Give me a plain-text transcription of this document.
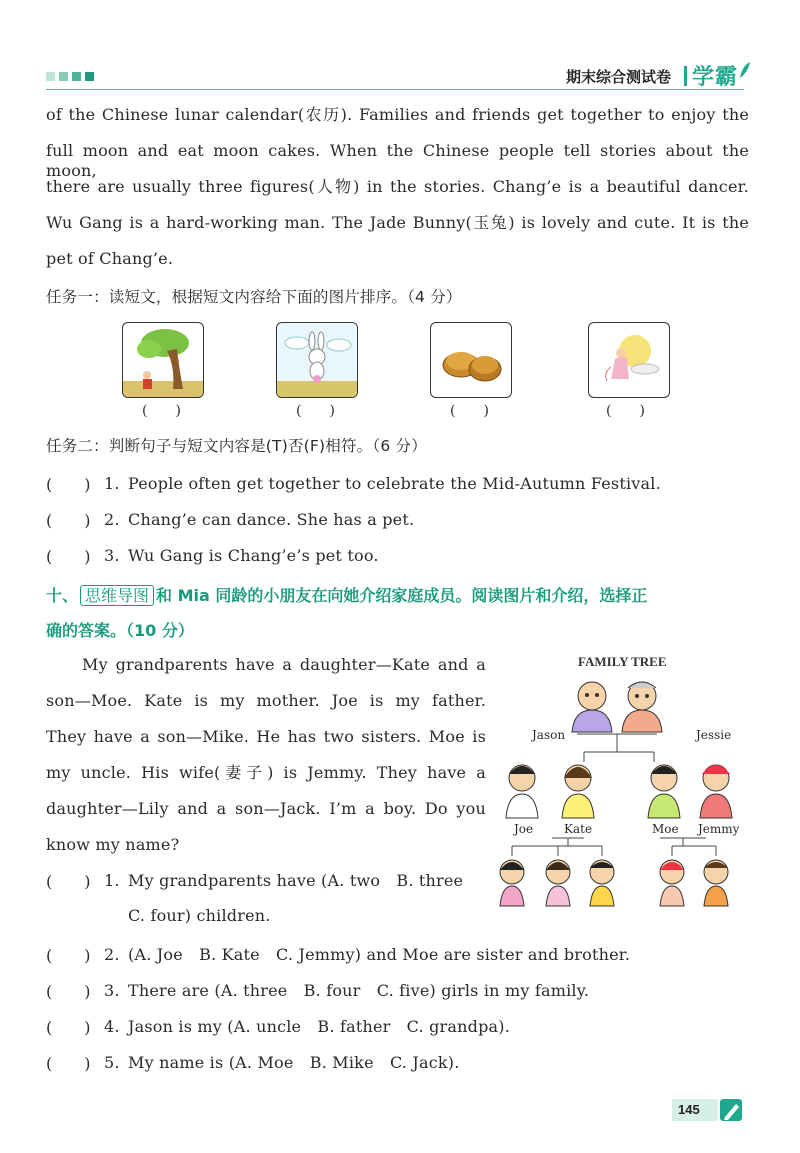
期末综合测试卷 学霸
of the Chinese lunar calendar(农历). Families and friends get together to enjoy the
full moon and eat moon cakes. When the Chinese people tell stories about the moon,
there are usually three figures(人物) in the stories. Chang’e is a beautiful dancer.
Wu Gang is a hard-working man. The Jade Bunny(玉兔) is lovely and cute. It is the
pet of Chang’e.
任务一：读短文，根据短文内容给下面的图片排序。（4 分）
(　　)	(　　)	(　　)	(　　)
任务二：判断句子与短文内容是(T)否(F)相符。（6 分）
(　　) 1. People often get together to celebrate the Mid-Autumn Festival.
(　　) 2. Chang’e can dance. She has a pet.
(　　) 3. Wu Gang is Chang’e’s pet too.
十、 思维导图 和 Mia 同龄的小朋友在向她介绍家庭成员。阅读图片和介绍，选择正
确的答案。（10 分）
My grandparents have a daughter—Kate and a
son—Moe. Kate is my mother. Joe is my father.
They have a son—Mike. He has two sisters. Moe is
my uncle. His wife(妻子) is Jemmy. They have a
daughter—Lily and a son—Jack. I’m a boy. Do you
know my name?
FAMILY TREE
Jason	Jessie
Joe	Kate	Moe Jemmy
(　　) 1. My grandparents have (A. two　B. three
C. four) children.
(　　) 2. (A. Joe　B. Kate　C. Jemmy) and Moe are sister and brother.
(　　) 3. There are (A. three　B. four　C. five) girls in my family.
(　　) 4. Jason is my (A. uncle　B. father　C. grandpa).
(　　) 5. My name is (A. Moe　B. Mike　C. Jack).
145
